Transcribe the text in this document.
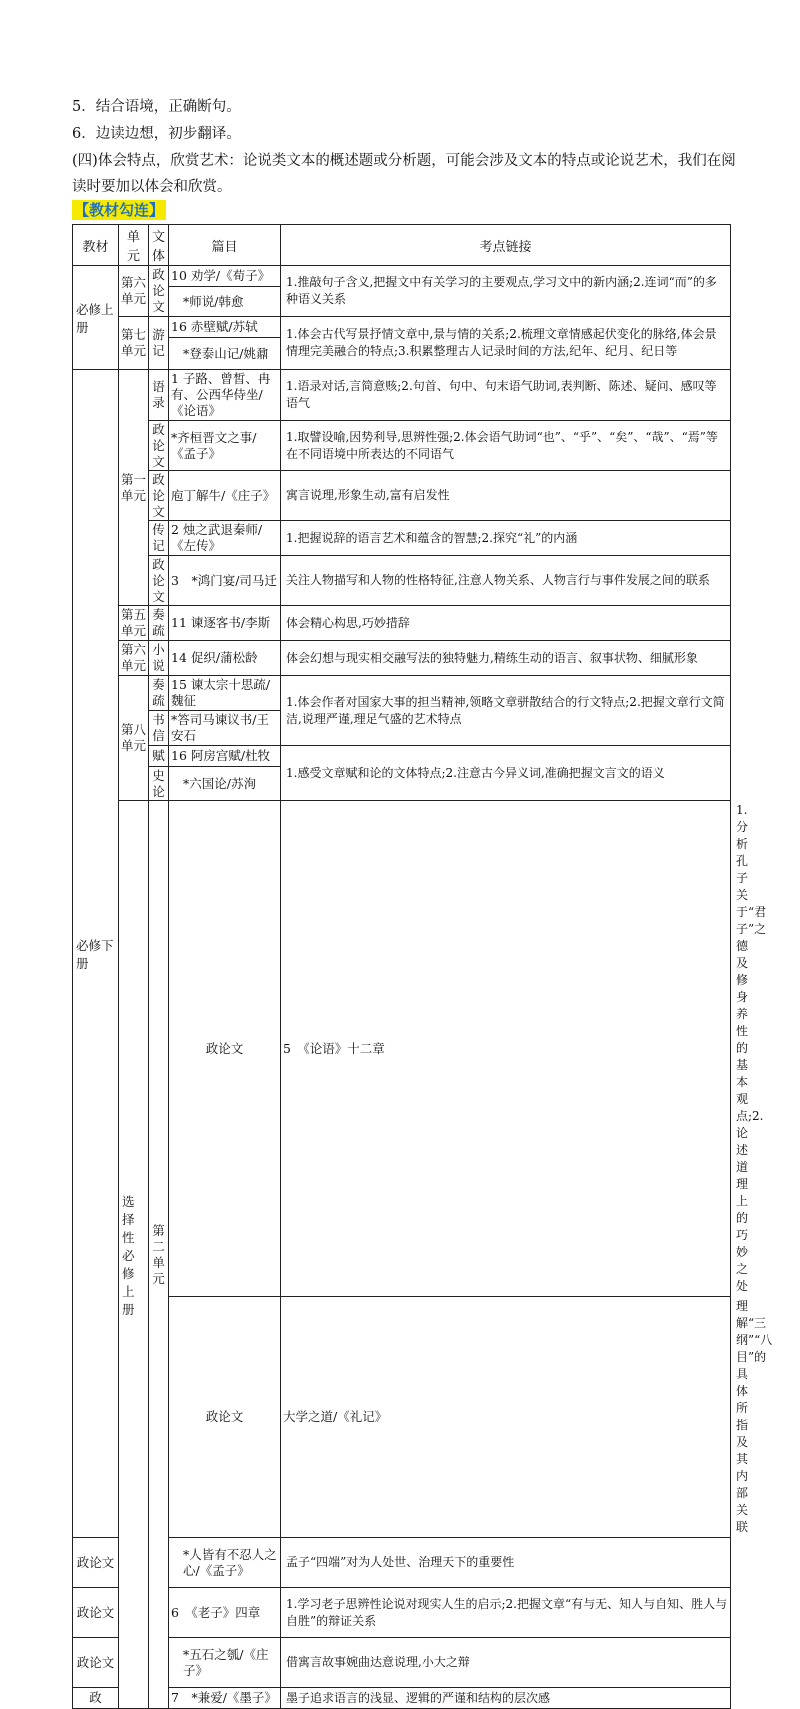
5．结合语境，正确断句。
6．边读边想，初步翻译。
(四)体会特点，欣赏艺术：论说类文本的概述题或分析题，可能会涉及文本的特点或论说艺术，我们在阅读时要加以体会和欣赏。
【教材勾连】
教材	单元	文体	篇目	考点链接	
必修上册	第六单元	政论文	10 劝学/《荀子》	1.推敲句子含义,把握文中有关学习的主要观点,学习文中的新内涵;2.连词“而”的多种语义关系	
			*师说/韩愈		
	第七单元	游记	16 赤壁赋/苏轼	1.体会古代写景抒情文章中,景与情的关系;2.梳理文章情感起伏变化的脉络,体会景情理完美融合的特点;3.积累整理古人记录时间的方法,纪年、纪月、纪日等	
			*登泰山记/姚鼐		
必修下册	第一单元	语录	1 子路、曾皙、冉有、公西华侍坐/《论语》	1.语录对话,言简意赅;2.句首、句中、句末语气助词,表判断、陈述、疑问、感叹等语气	
		政论文	*齐桓晋文之事/《孟子》	1.取譬设喻,因势利导,思辨性强;2.体会语气助词“也”、“乎”、“矣”、“哉”、“焉”等在不同语境中所表达的不同语气	
		政论文	庖丁解牛/《庄子》	寓言说理,形象生动,富有启发性	
		传记	2 烛之武退秦师/《左传》	1.把握说辞的语言艺术和蕴含的智慧;2.探究“礼”的内涵	
		政论文	3　*鸿门宴/司马迁	关注人物描写和人物的性格特征,注意人物关系、人物言行与事件发展之间的联系	
	第五单元	奏疏	11 谏逐客书/李斯	体会精心构思,巧妙措辞	
	第六单元	小说	14 促织/蒲松龄	体会幻想与现实相交融写法的独特魅力,精练生动的语言、叙事状物、细腻形象	
	第八单元	奏疏	15 谏太宗十思疏/魏征	1.体会作者对国家大事的担当精神,领略文章骈散结合的行文特点;2.把握文章行文简洁,说理严谨,理足气盛的艺术特点	
		书信	*答司马谏议书/王安石		
		赋	16 阿房宫赋/杜牧	1.感受文章赋和论的文体特点;2.注意古今异义词,准确把握文言文的语义	
		史论	*六国论/苏洵		
	选择性必修上册	第二单元	政论文	5　《论语》十二章	1.分析孔子关于“君子”之德及修身养性的基本观点;2.论述道理上的巧妙之处
			政论文	大学之道/《礼记》	理解“三纲”“八目”的具体所指及其内部关联
政论文			*人皆有不忍人之心/《孟子》	孟子“四端”对为人处世、治理天下的重要性	
政论文			6　《老子》四章	1.学习老子思辨性论说对现实人生的启示;2.把握文章“有与无、知人与自知、胜人与自胜”的辩证关系	
政论文			*五石之瓠/《庄子》	借寓言故事婉曲达意说理,小大之辩	
政			7　*兼爱/《墨子》	墨子追求语言的浅显、逻辑的严谨和结构的层次感	
